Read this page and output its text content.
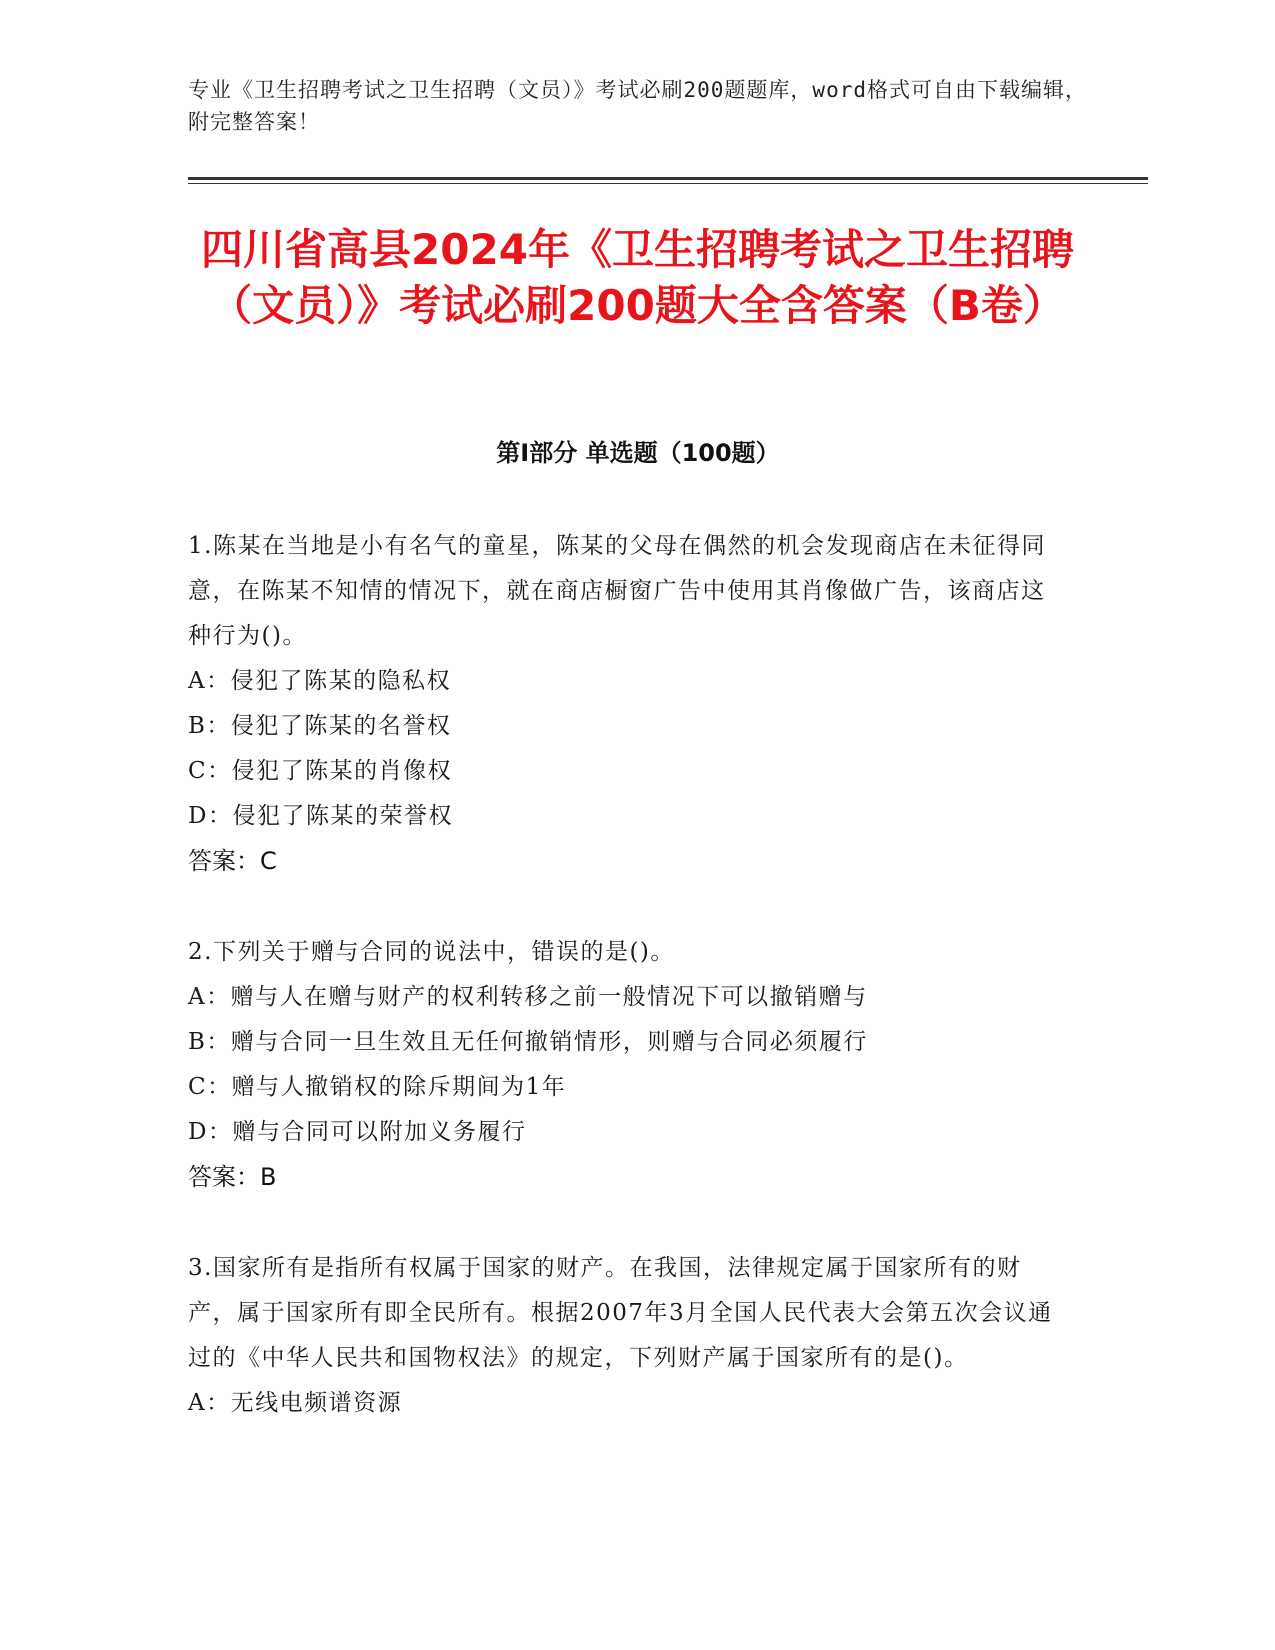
专业《卫生招聘考试之卫生招聘（文员）》考试必刷200题题库，word格式可自由下载编辑，附完整答案！
四川省高县2024年《卫生招聘考试之卫生招聘（文员）》考试必刷200题大全含答案（B卷）
第I部分 单选题（100题）
1.陈某在当地是小有名气的童星，陈某的父母在偶然的机会发现商店在未征得同意，在陈某不知情的情况下，就在商店橱窗广告中使用其肖像做广告，该商店这种行为()。
A：侵犯了陈某的隐私权
B：侵犯了陈某的名誉权
C：侵犯了陈某的肖像权
D：侵犯了陈某的荣誉权
答案：C
2.下列关于赠与合同的说法中，错误的是()。
A：赠与人在赠与财产的权利转移之前一般情况下可以撤销赠与
B：赠与合同一旦生效且无任何撤销情形，则赠与合同必须履行
C：赠与人撤销权的除斥期间为1年
D：赠与合同可以附加义务履行
答案：B
3.国家所有是指所有权属于国家的财产。在我国，法律规定属于国家所有的财产，属于国家所有即全民所有。根据2007年3月全国人民代表大会第五次会议通过的《中华人民共和国物权法》的规定，下列财产属于国家所有的是()。
A：无线电频谱资源
